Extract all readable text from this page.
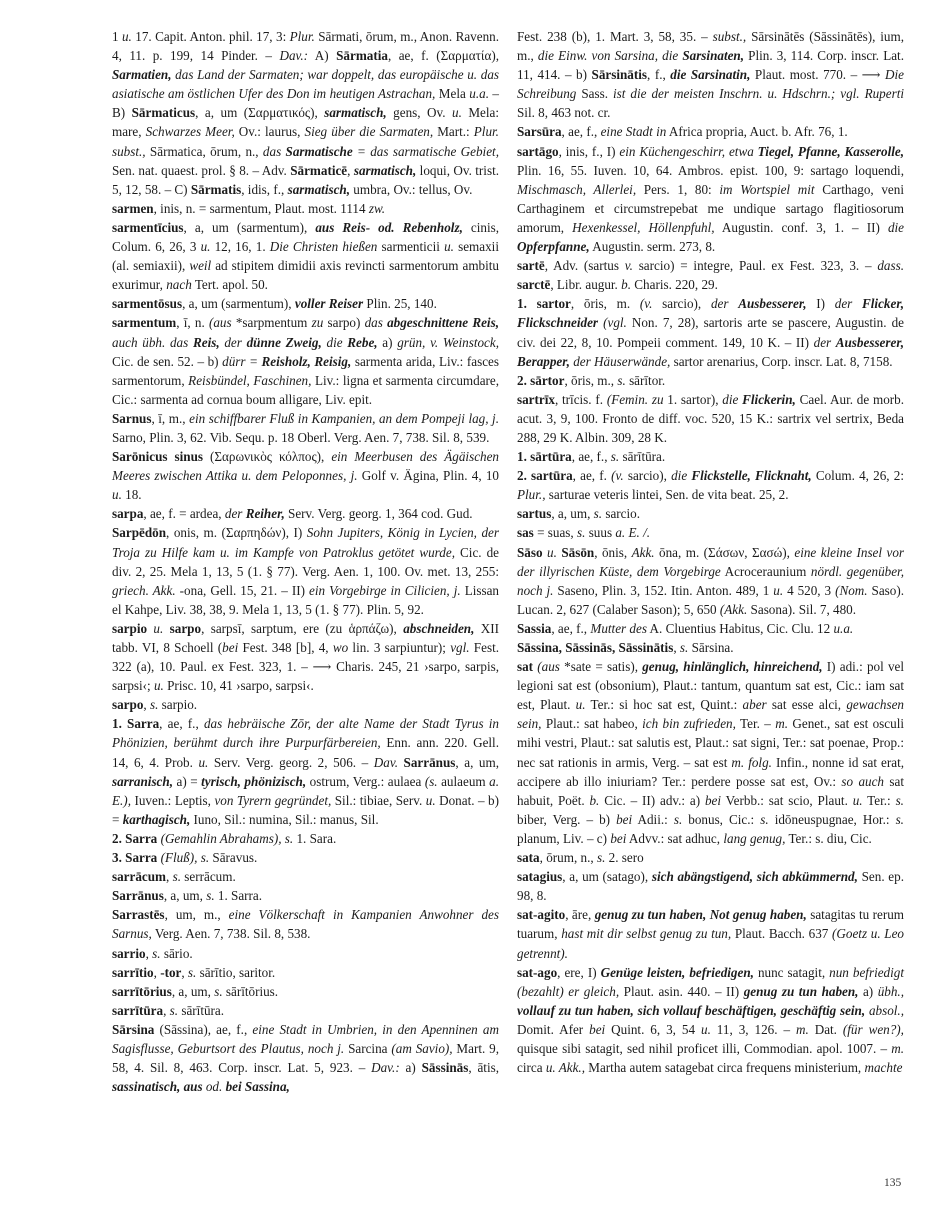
1 u. 17. Capit. Anton. phil. 17, 3: Plur. Sārmati, ōrum, m., Anon. Ravenn. 4, 11. p. 199, 14 Pinder. – Dav.: A) Sārmatia, ae, f. (Σαρματία), Sarmatien, das Land der Sarmaten; war doppelt, das europäische u. das asiatische am östlichen Ufer des Don im heutigen Astrachan, Mela u.a. – B) Sārmaticus, a, um (Σαρματικός), sarmatisch, gens, Ov. u. Mela: mare, Schwarzes Meer, Ov.: laurus, Sieg über die Sarmaten, Mart.: Plur. subst., Sārmatica, ōrum, n., das Sarmatische = das sarmatische Gebiet, Sen. nat. quaest. prol. § 8. – Adv. Sārmaticē, sarmatisch, loqui, Ov. trist. 5, 12, 58. – C) Sārmatis, idis, f., sarmatisch, umbra, Ov.: tellus, Ov.

sarmen, inis, n. = sarmentum, Plaut. most. 1114 zw.

sarmentīcius, a, um (sarmentum), aus Reis- od. Rebenholz, cinis, Colum. 6, 26, 3 u. 12, 16, 1. Die Christen hießen sarmenticii u. semaxii (al. semiaxii), weil ad stipitem dimidii axis revincti sarmentorum ambitu exurimur, nach Tert. apol. 50.

sarmentōsus, a, um (sarmentum), voller Reiser Plin. 25, 140.

sarmentum, ī, n. (aus *sarpmentum zu sarpo) das abgeschnittene Reis, auch übh. das Reis, der dünne Zweig, die Rebe, a) grün, v. Weinstock, Cic. de sen. 52. – b) dürr = Reisholz, Reisig, sarmenta arida, Liv.: fasces sarmentorum, Reisbündel, Faschinen, Liv.: ligna et sarmenta circumdare, Cic.: sarmenta ad cornua boum alligare, Liv. epit.

Sarnus, ī, m., ein schiffbarer Fluß in Kampanien, an dem Pompeji lag, j. Sarno, Plin. 3, 62. Vib. Sequ. p. 18 Oberl. Verg. Aen. 7, 738. Sil. 8, 539.

Sarōnicus sinus (Σαρωνικὸς κόλπος), ein Meerbusen des Ägäischen Meeres zwischen Attika u. dem Peloponnes, j. Golf v. Ägina, Plin. 4, 10 u. 18.

sarpa, ae, f. = ardea, der Reiher, Serv. Verg. georg. 1, 364 cod. Gud.

Sarpēdōn, onis, m. (Σαρπηδών), I) Sohn Jupiters, König in Lycien, der Troja zu Hilfe kam u. im Kampfe von Patroklus getötet wurde, Cic. de div. 2, 25. Mela 1, 13, 5 (1. § 77). Verg. Aen. 1, 100. Ov. met. 13, 255: griech. Akk. -ona, Gell. 15, 21. – II) ein Vorgebirge in Cilicien, j. Lissan el Kahpe, Liv. 38, 38, 9. Mela 1, 13, 5 (1. § 77). Plin. 5, 92.

sarpio u. sarpo, sarpsī, sarptum, ere (zu ἁρπάζω), abschneiden, XII tabb. VI, 8 Schoell (bei Fest. 348 [b], 4, wo lin. 3 sarpiuntur); vgl. Fest. 322 (a), 10. Paul. ex Fest. 323, 1. – ⟶ Charis. 245, 21 ›sarpo, sarpis, sarpsi‹; u. Prisc. 10, 41 ›sarpo, sarpsi‹.

sarpo, s. sarpio.

1. Sarra, ae, f., das hebräische Zōr, der alte Name der Stadt Tyrus in Phönizien, berühmt durch ihre Purpurfärbereien, Enn. ann. 220. Gell. 14, 6, 4. Prob. u. Serv. Verg. georg. 2, 506. – Dav. Sarrānus, a, um, sarranisch, a) = tyrisch, phönizisch, ostrum, Verg.: aulaea (s. aulaeum a. E.), Iuven.: Leptis, von Tyrern gegründet, Sil.: tibiae, Serv. u. Donat. – b) = karthagisch, Iuno, Sil.: numina, Sil.: manus, Sil.

2. Sarra (Gemahlin Abrahams), s. 1. Sara.

3. Sarra (Fluß), s. Sāravus.

sarrācum, s. serrācum.

Sarrānus, a, um, s. 1. Sarra.

Sarrastēs, um, m., eine Völkerschaft in Kampanien Anwohner des Sarnus, Verg. Aen. 7, 738. Sil. 8, 538.

sarrio, s. sārio.

sarrītio, -tor, s. sārītio, saritor.

sarrītōrius, a, um, s. sārītōrius.

sarrītūra, s. sārītūra.

Sārsina (Sāssina), ae, f., eine Stadt in Umbrien, in den Apenninen am Sagisflusse, Geburtsort des Plautus, noch j. Sarcina (am Savio), Mart. 9, 58, 4. Sil. 8, 463. Corp. inscr. Lat. 5, 923. – Dav.: a) Sāssinās, ātis, sassinatisch, aus od. bei Sassina,

Fest. 238 (b), 1. Mart. 3, 58, 35. – subst., Sārsinātēs (Sāssinātēs), ium, m., die Einw. von Sarsina, die Sarsinaten, Plin. 3, 114. Corp. inscr. Lat. 11, 414. – b) Sārsinātis, f., die Sarsinatin, Plaut. most. 770. – ⟶ Die Schreibung Sass. ist die der meisten Inschrn. u. Hdschrn.; vgl. Ruperti Sil. 8, 463 not. cr.

Sarsūra, ae, f., eine Stadt in Africa propria, Auct. b. Afr. 76, 1.

sartāgo, inis, f., I) ein Küchengeschirr, etwa Tiegel, Pfanne, Kasserolle, Plin. 16, 55. Iuven. 10, 64. Ambros. epist. 100, 9: sartago loquendi, Mischmasch, Allerlei, Pers. 1, 80: im Wortspiel mit Carthago, veni Carthaginem et circumstrepebat me undique sartago flagitiosorum amorum, Hexenkessel, Höllenpfuhl, Augustin. conf. 3, 1. – II) die Opferpfanne, Augustin. serm. 273, 8.

sartē, Adv. (sartus v. sarcio) = integre, Paul. ex Fest. 323, 3. – dass. sarctē, Libr. augur. b. Charis. 220, 29.

1. sartor, ōris, m. (v. sarcio), der Ausbesserer, I) der Flicker, Flickschneider (vgl. Non. 7, 28), sartoris arte se pascere, Augustin. de civ. dei 22, 8, 10. Pompeii comment. 149, 10 K. – II) der Ausbesserer, Berapper, der Häuserwände, sartor arenarius, Corp. inscr. Lat. 8, 7158.

2. sārtor, ōris, m., s. sārītor.

sartrīx, trīcis. f. (Femin. zu 1. sartor), die Flickerin, Cael. Aur. de morb. acut. 3, 9, 100. Fronto de diff. voc. 520, 15 K.: sartrix vel sertrix, Beda 288, 29 K. Albin. 309, 28 K.

1. sārtūra, ae, f., s. sārītūra.

2. sartūra, ae, f. (v. sarcio), die Flickstelle, Flicknaht, Colum. 4, 26, 2: Plur., sarturae veteris lintei, Sen. de vita beat. 25, 2.

sartus, a, um, s. sarcio.

sas = suas, s. suus a. E. /.

Sāso u. Sāsōn, ōnis, Akk. ōna, m. (Σάσων, Σασώ), eine kleine Insel vor der illyrischen Küste, dem Vorgebirge Acroceraunium nördl. gegenüber, noch j. Saseno, Plin. 3, 152. Itin. Anton. 489, 1 u. 4 520, 3 (Nom. Saso). Lucan. 2, 627 (Calaber Sason); 5, 650 (Akk. Sasona). Sil. 7, 480.

Sassia, ae, f., Mutter des A. Cluentius Habitus, Cic. Clu. 12 u.a.

Sāssina, Sāssinās, Sāssinātis, s. Sārsina.

sat (aus *sate = satis), genug, hinlänglich, hinreichend, I) adi.: pol vel legioni sat est (obsonium), Plaut.: tantum, quantum sat est, Cic.: iam sat est, Plaut. u. Ter.: si hoc sat est, Quint.: aber sat esse alci, gewachsen sein, Plaut.: sat habeo, ich bin zufrieden, Ter. – m. Genet., sat est osculi mihi vestri, Plaut.: sat salutis est, Plaut.: sat signi, Ter.: sat poenae, Prop.: nec sat rationis in armis, Verg. – sat est m. folg. Infin., nonne id sat erat, accipere ab illo iniuriam? Ter.: perdere posse sat est, Ov.: so auch sat habuit, Poët. b. Cic. – II) adv.: a) bei Verbb.: sat scio, Plaut. u. Ter.: s. biber, Verg. – b) bei Adii.: s. bonus, Cic.: s. idōneuspugnae, Hor.: s. planum, Liv. – c) bei Advv.: sat adhuc, lang genug, Ter.: s. diu, Cic.

sata, ōrum, n., s. 2. sero

satagius, a, um (satago), sich abängstigend, sich abkümmernd, Sen. ep. 98, 8.

sat-agito, āre, genug zu tun haben, Not genug haben, satagitas tu rerum tuarum, hast mit dir selbst genug zu tun, Plaut. Bacch. 637 (Goetz u. Leo getrennt).

sat-ago, ere, I) Genüge leisten, befriedigen, nunc satagit, nun befriedigt (bezahlt) er gleich, Plaut. asin. 440. – II) genug zu tun haben, a) übh., vollauf zu tun haben, sich vollauf beschäftigen, geschäftig sein, absol., Domit. Afer bei Quint. 6, 3, 54 u. 11, 3, 126. – m. Dat. (für wen?), quisque sibi satagit, sed nihil proficet illi, Commodian. apol. 1007. – m. circa u. Akk., Martha autem satagebat circa frequens ministerium, machte

135
